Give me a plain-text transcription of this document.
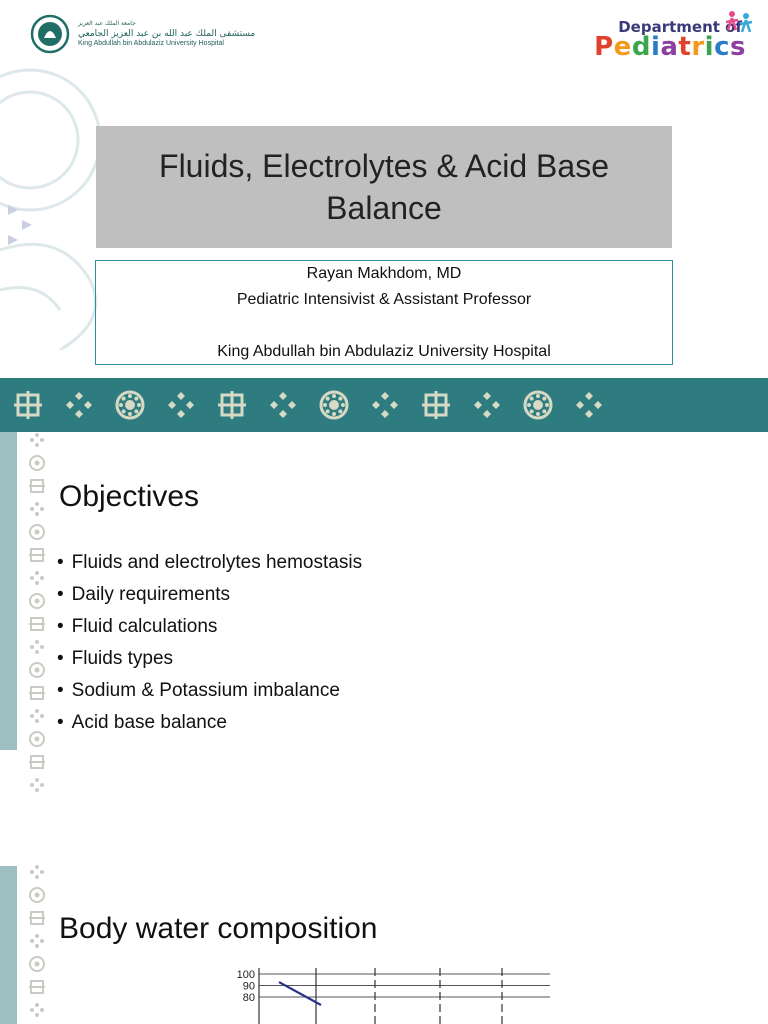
جامعة الملك عبد العزيز
مستشفى الملك عبد الله بن عبد العزيز الجامعي
King Abdullah bin Abdulaziz University Hospital
Department of
Pediatrics
Fluids, Electrolytes & Acid Base Balance
Rayan Makhdom, MD
Pediatric Intensivist & Assistant Professor
King Abdullah bin Abdulaziz University Hospital
Objectives
• Fluids and electrolytes hemostasis
• Daily requirements
• Fluid calculations
• Fluids types
• Sodium & Potassium imbalance
• Acid base balance
Body water composition
100
90
80
